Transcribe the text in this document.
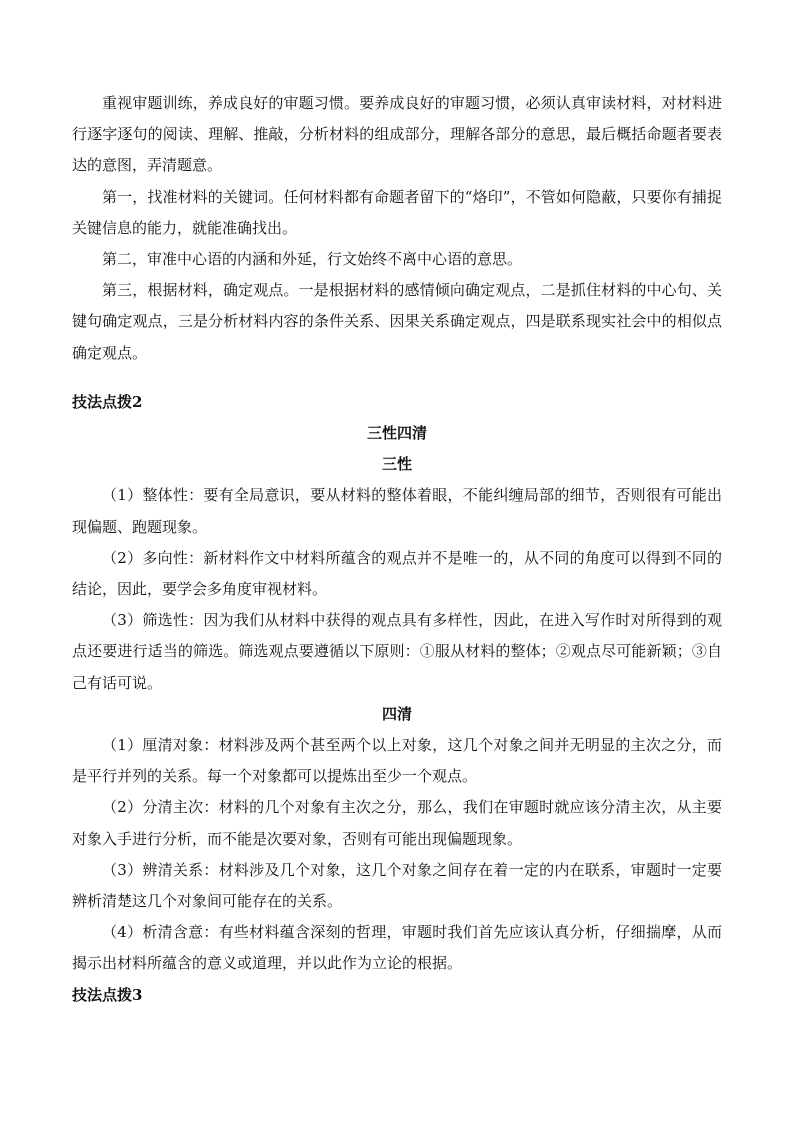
重视审题训练，养成良好的审题习惯。要养成良好的审题习惯，必须认真审读材料，对材料进行逐字逐句的阅读、理解、推敲，分析材料的组成部分，理解各部分的意思，最后概括命题者要表达的意图，弄清题意。

第一，找准材料的关键词。任何材料都有命题者留下的“烙印”，不管如何隐蔽，只要你有捕捉关键信息的能力，就能准确找出。

第二，审准中心语的内涵和外延，行文始终不离中心语的意思。

第三，根据材料，确定观点。一是根据材料的感情倾向确定观点，二是抓住材料的中心句、关键句确定观点，三是分析材料内容的条件关系、因果关系确定观点，四是联系现实社会中的相似点确定观点。

技法点拨2

三性四清

三性

（1）整体性：要有全局意识，要从材料的整体着眼，不能纠缠局部的细节，否则很有可能出现偏题、跑题现象。

（2）多向性：新材料作文中材料所蕴含的观点并不是唯一的，从不同的角度可以得到不同的结论，因此，要学会多角度审视材料。

（3）筛选性：因为我们从材料中获得的观点具有多样性，因此，在进入写作时对所得到的观点还要进行适当的筛选。筛选观点要遵循以下原则：①服从材料的整体；②观点尽可能新颖；③自己有话可说。

四清

（1）厘清对象：材料涉及两个甚至两个以上对象，这几个对象之间并无明显的主次之分，而是平行并列的关系。每一个对象都可以提炼出至少一个观点。

（2）分清主次：材料的几个对象有主次之分，那么，我们在审题时就应该分清主次，从主要对象入手进行分析，而不能是次要对象，否则有可能出现偏题现象。

（3）辨清关系：材料涉及几个对象，这几个对象之间存在着一定的内在联系，审题时一定要辨析清楚这几个对象间可能存在的关系。

（4）析清含意：有些材料蕴含深刻的哲理，审题时我们首先应该认真分析，仔细揣摩，从而揭示出材料所蕴含的意义或道理，并以此作为立论的根据。

技法点拨3
